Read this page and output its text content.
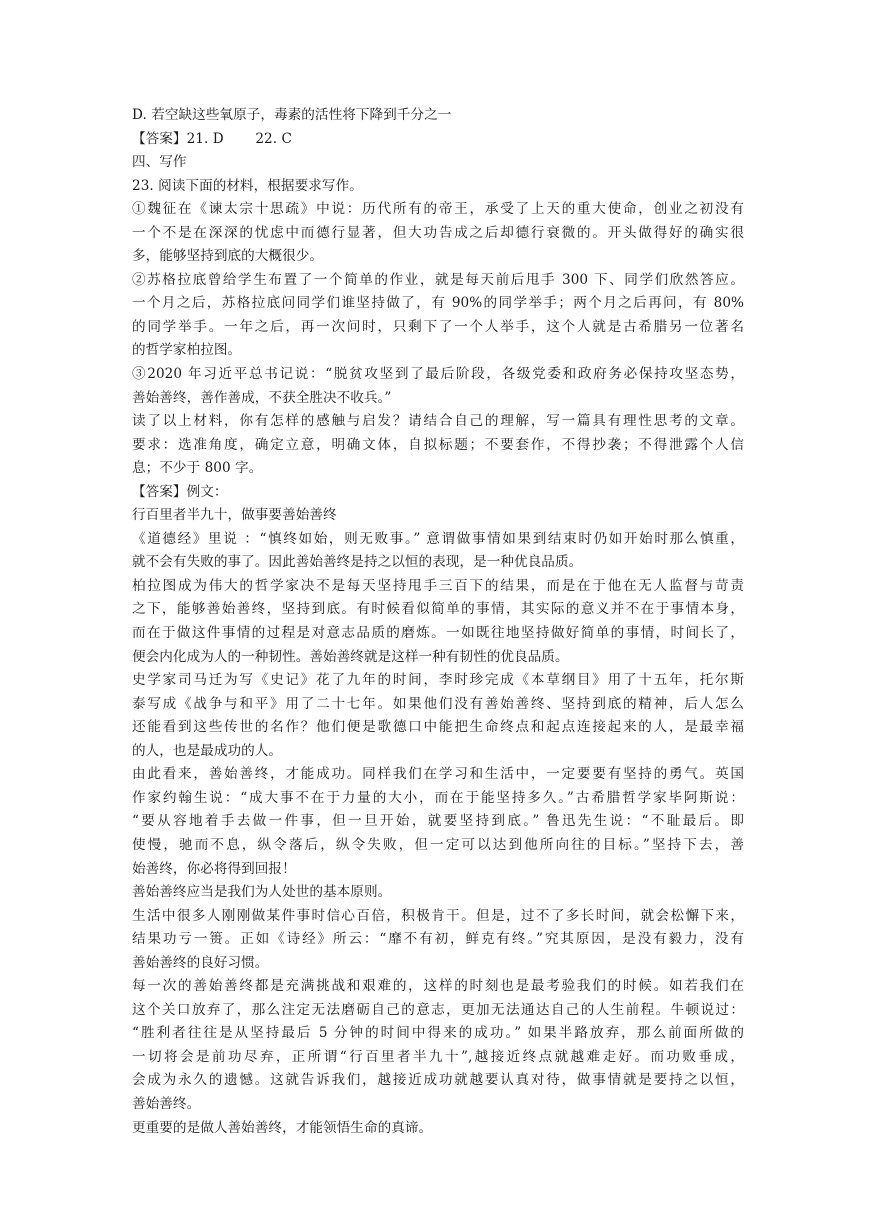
D. 若空缺这些氧原子，毒素的活性将下降到千分之一
【答案】21. D　　 22. C
四、写作
23. 阅读下面的材料，根据要求写作。
①魏征在《谏太宗十思疏》中说：历代所有的帝王，承受了上天的重大使命，创业之初没有
一个不是在深深的忧虑中而德行显著，但大功告成之后却德行衰微的。开头做得好的确实很
多，能够坚持到底的大概很少。
②苏格拉底曾给学生布置了一个简单的作业，就是每天前后甩手 300 下、同学们欣然答应。
一个月之后，苏格拉底问同学们谁坚持做了，有 90%的同学举手；两个月之后再问，有 80%
的同学举手。一年之后，再一次问时，只剩下了一个人举手，这个人就是古希腊另一位著名
的哲学家柏拉图。
③2020 年习近平总书记说：“脱贫攻坚到了最后阶段，各级党委和政府务必保持攻坚态势，
善始善终，善作善成，不获全胜决不收兵。”
读了以上材料，你有怎样的感触与启发？请结合自己的理解，写一篇具有理性思考的文章。
要求：选准角度，确定立意，明确文体，自拟标题；不要套作，不得抄袭；不得泄露个人信
息；不少于 800 字。
【答案】例文：
行百里者半九十，做事要善始善终
《道德经》里说 ：“慎终如始，则无败事。” 意谓做事情如果到结束时仍如开始时那么慎重，
就不会有失败的事了。因此善始善终是持之以恒的表现，是一种优良品质。
柏拉图成为伟大的哲学家决不是每天坚持甩手三百下的结果，而是在于他在无人监督与苛责
之下，能够善始善终，坚持到底。有时候看似简单的事情，其实际的意义并不在于事情本身，
而在于做这件事情的过程是对意志品质的磨炼。一如既往地坚持做好简单的事情，时间长了，
便会内化成为人的一种韧性。善始善终就是这样一种有韧性的优良品质。
史学家司马迁为写《史记》花了九年的时间，李时珍完成《本草纲目》用了十五年，托尔斯
泰写成《战争与和平》用了二十七年。如果他们没有善始善终、坚持到底的精神，后人怎么
还能看到这些传世的名作？他们便是歌德口中能把生命终点和起点连接起来的人，是最幸福
的人，也是最成功的人。
由此看来，善始善终，才能成功。同样我们在学习和生活中，一定要要有坚持的勇气。英国
作家约翰生说：“成大事不在于力量的大小，而在于能坚持多久。”古希腊哲学家毕阿斯说：
“要从容地着手去做一件事，但一旦开始，就要坚持到底。” 鲁迅先生说：“不耻最后。即
使慢，驰而不息，纵令落后，纵令失败，但一定可以达到他所向往的目标。”坚持下去，善
始善终，你必将得到回报！
善始善终应当是我们为人处世的基本原则。
生活中很多人刚刚做某件事时信心百倍，积极肯干。但是，过不了多长时间，就会松懈下来，
结果功亏一篑。正如《诗经》所云：“靡不有初，鲜克有终。”究其原因，是没有毅力，没有
善始善终的良好习惯。
每一次的善始善终都是充满挑战和艰难的，这样的时刻也是最考验我们的时候。如若我们在
这个关口放弃了，那么注定无法磨砺自己的意志，更加无法通达自己的人生前程。牛顿说过：
“胜利者往往是从坚持最后 5 分钟的时间中得来的成功。” 如果半路放弃，那么前面所做的
一切将会是前功尽弃，正所谓“行百里者半九十”,越接近终点就越难走好。而功败垂成，
会成为永久的遗憾。这就告诉我们，越接近成功就越要认真对待，做事情就是要持之以恒，
善始善终。
更重要的是做人善始善终，才能领悟生命的真谛。
